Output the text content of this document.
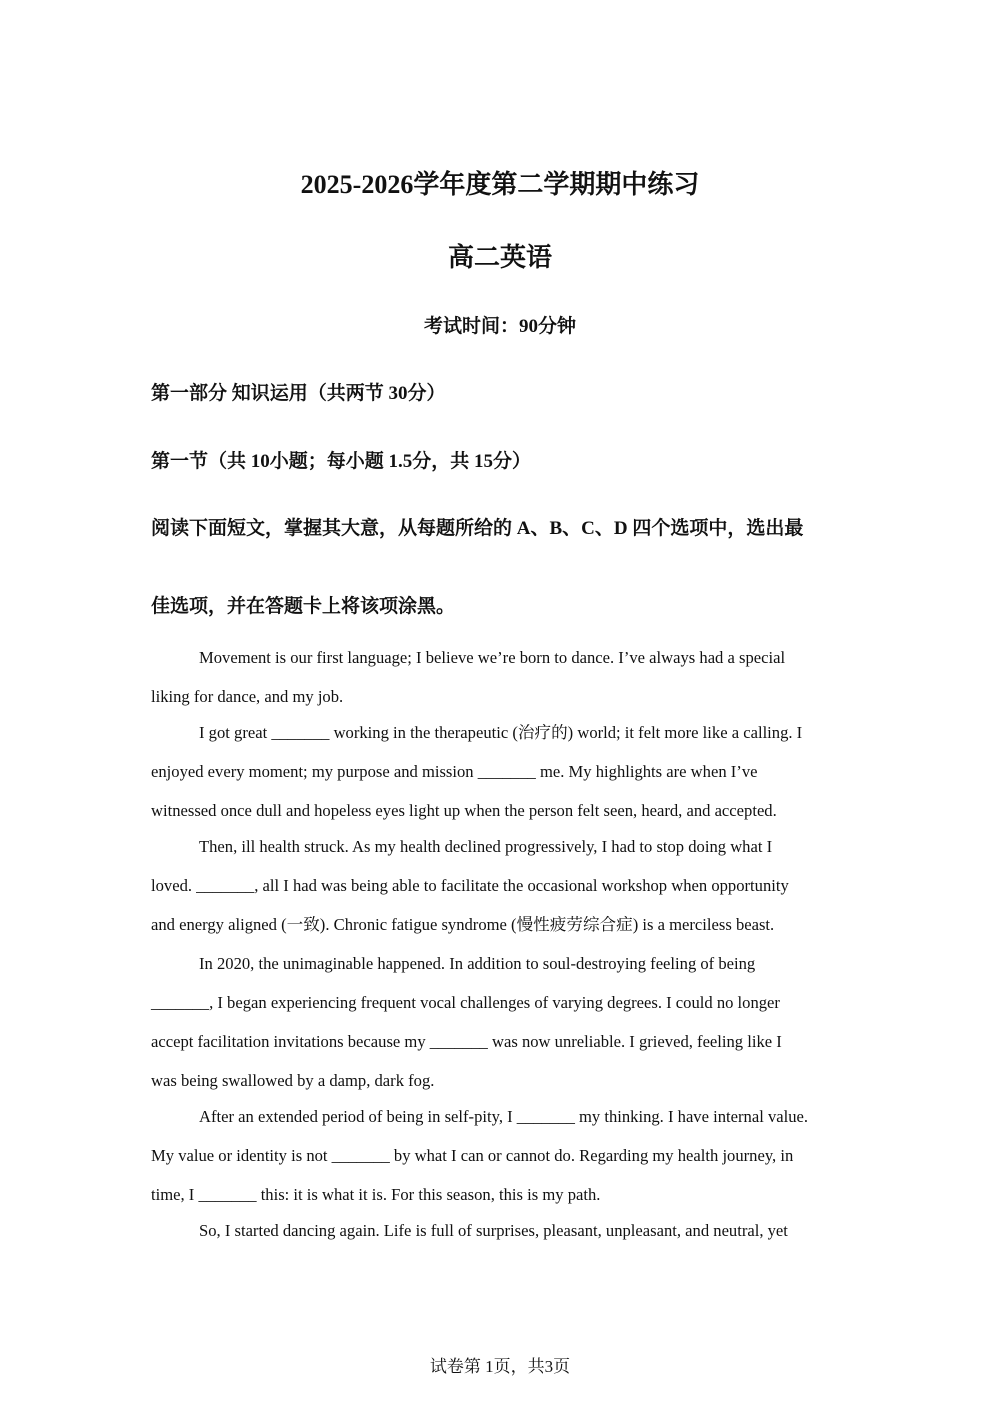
2025-2026学年度第二学期期中练习
高二英语
考试时间：90分钟
第一部分 知识运用（共两节 30分）
第一节（共 10小题；每小题 1.5分，共 15分）
阅读下面短文，掌握其大意，从每题所给的 A、B、C、D 四个选项中，选出最
佳选项，并在答题卡上将该项涂黑。
Movement is our first language; I believe we’re born to dance. I’ve always had a special
liking for dance, and my job.
I got great _______ working in the therapeutic (治疗的) world; it felt more like a calling. I
enjoyed every moment; my purpose and mission _______ me. My highlights are when I’ve
witnessed once dull and hopeless eyes light up when the person felt seen, heard, and accepted.
Then, ill health struck. As my health declined progressively, I had to stop doing what I
loved. _______, all I had was being able to facilitate the occasional workshop when opportunity
and energy aligned (一致). Chronic fatigue syndrome (慢性疲劳综合症) is a merciless beast.
In 2020, the unimaginable happened. In addition to soul-destroying feeling of being
_______, I began experiencing frequent vocal challenges of varying degrees. I could no longer
accept facilitation invitations because my _______ was now unreliable. I grieved, feeling like I
was being swallowed by a damp, dark fog.
After an extended period of being in self-pity, I _______ my thinking. I have internal value.
My value or identity is not _______ by what I can or cannot do. Regarding my health journey, in
time, I _______ this: it is what it is. For this season, this is my path.
So, I started dancing again. Life is full of surprises, pleasant, unpleasant, and neutral, yet
试卷第 1页，共3页
